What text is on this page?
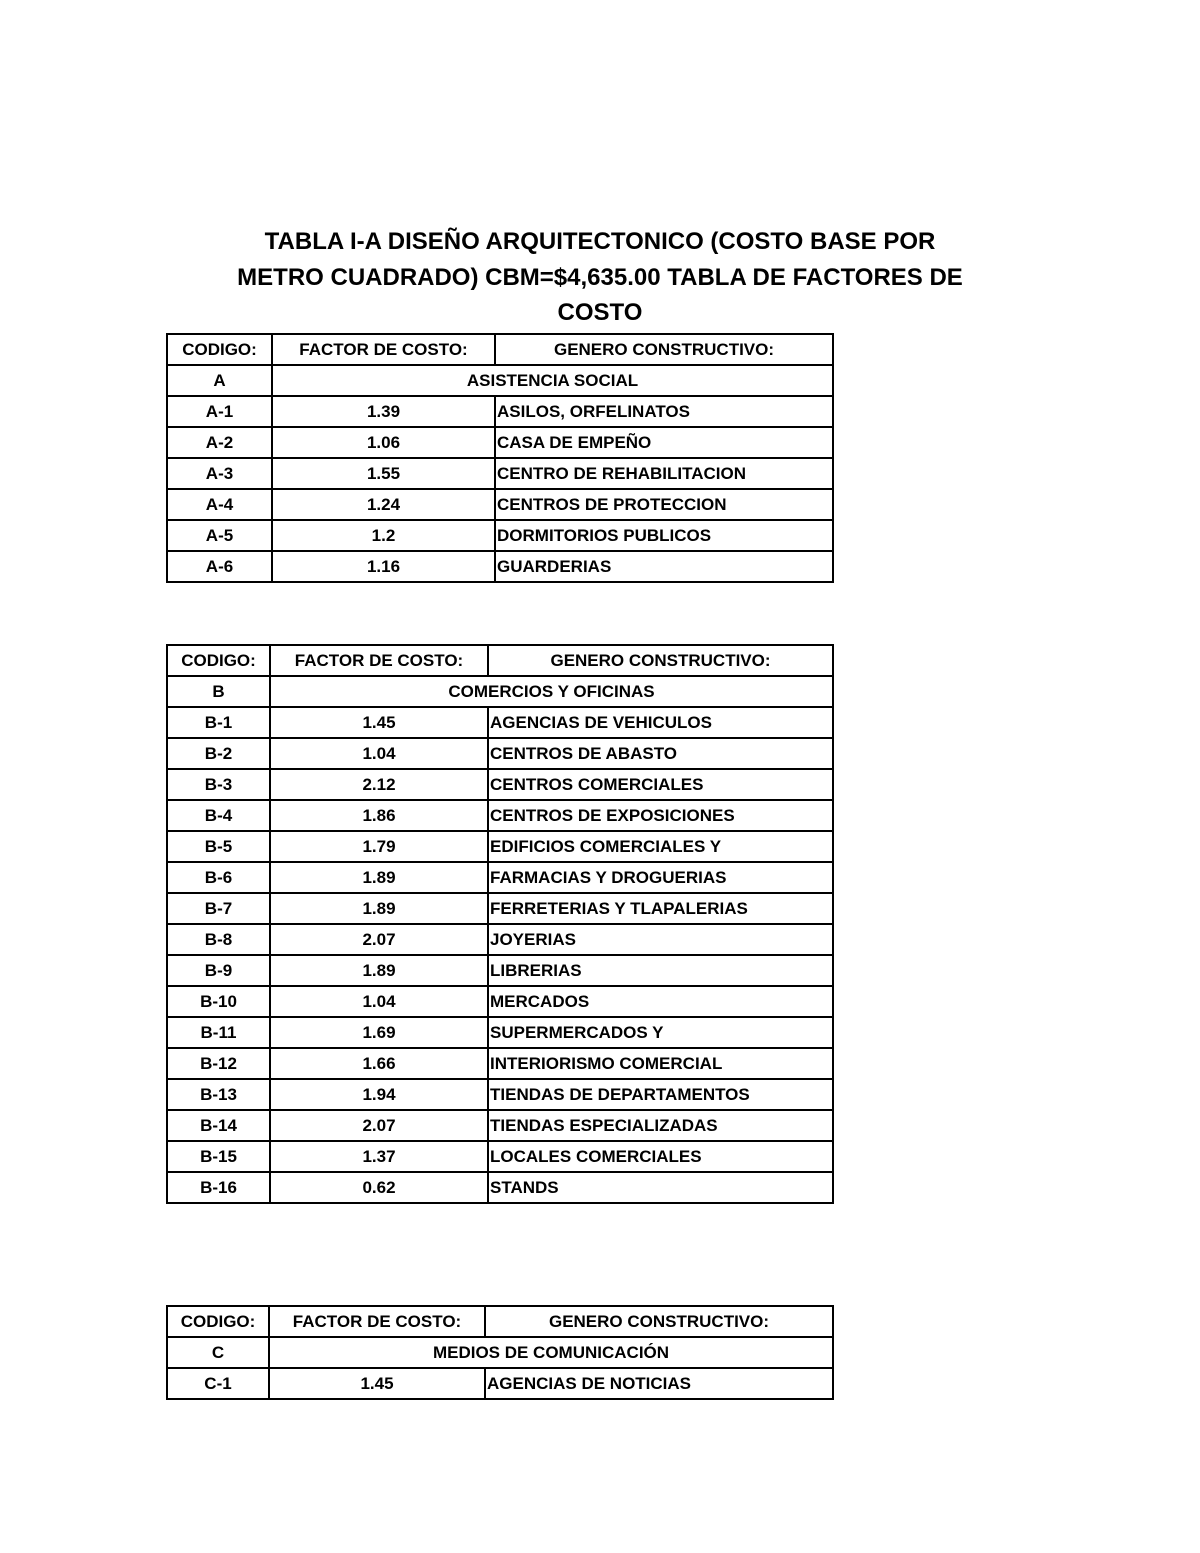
TABLA I-A DISEÑO ARQUITECTONICO (COSTO BASE POR
METRO CUADRADO) CBM=$4,635.00 TABLA DE FACTORES DE
COSTO
CODIGO:	FACTOR DE COSTO:	GENERO CONSTRUCTIVO:
A	ASISTENCIA SOCIAL	
A-1	1.39	ASILOS, ORFELINATOS
A-2	1.06	CASA DE EMPEÑO
A-3	1.55	CENTRO DE REHABILITACION
A-4	1.24	CENTROS DE PROTECCION
A-5	1.2	DORMITORIOS PUBLICOS
A-6	1.16	GUARDERIAS
CODIGO:	FACTOR DE COSTO:	GENERO CONSTRUCTIVO:
B	COMERCIOS Y OFICINAS	
B-1	1.45	AGENCIAS DE VEHICULOS
B-2	1.04	CENTROS DE ABASTO
B-3	2.12	CENTROS COMERCIALES
B-4	1.86	CENTROS DE EXPOSICIONES
B-5	1.79	EDIFICIOS COMERCIALES Y
B-6	1.89	FARMACIAS Y DROGUERIAS
B-7	1.89	FERRETERIAS Y TLAPALERIAS
B-8	2.07	JOYERIAS
B-9	1.89	LIBRERIAS
B-10	1.04	MERCADOS
B-11	1.69	SUPERMERCADOS Y
B-12	1.66	INTERIORISMO COMERCIAL
B-13	1.94	TIENDAS DE DEPARTAMENTOS
B-14	2.07	TIENDAS ESPECIALIZADAS
B-15	1.37	LOCALES COMERCIALES
B-16	0.62	STANDS
CODIGO:	FACTOR DE COSTO:	GENERO CONSTRUCTIVO:
C	MEDIOS DE COMUNICACIÓN	
C-1	1.45	AGENCIAS DE NOTICIAS
